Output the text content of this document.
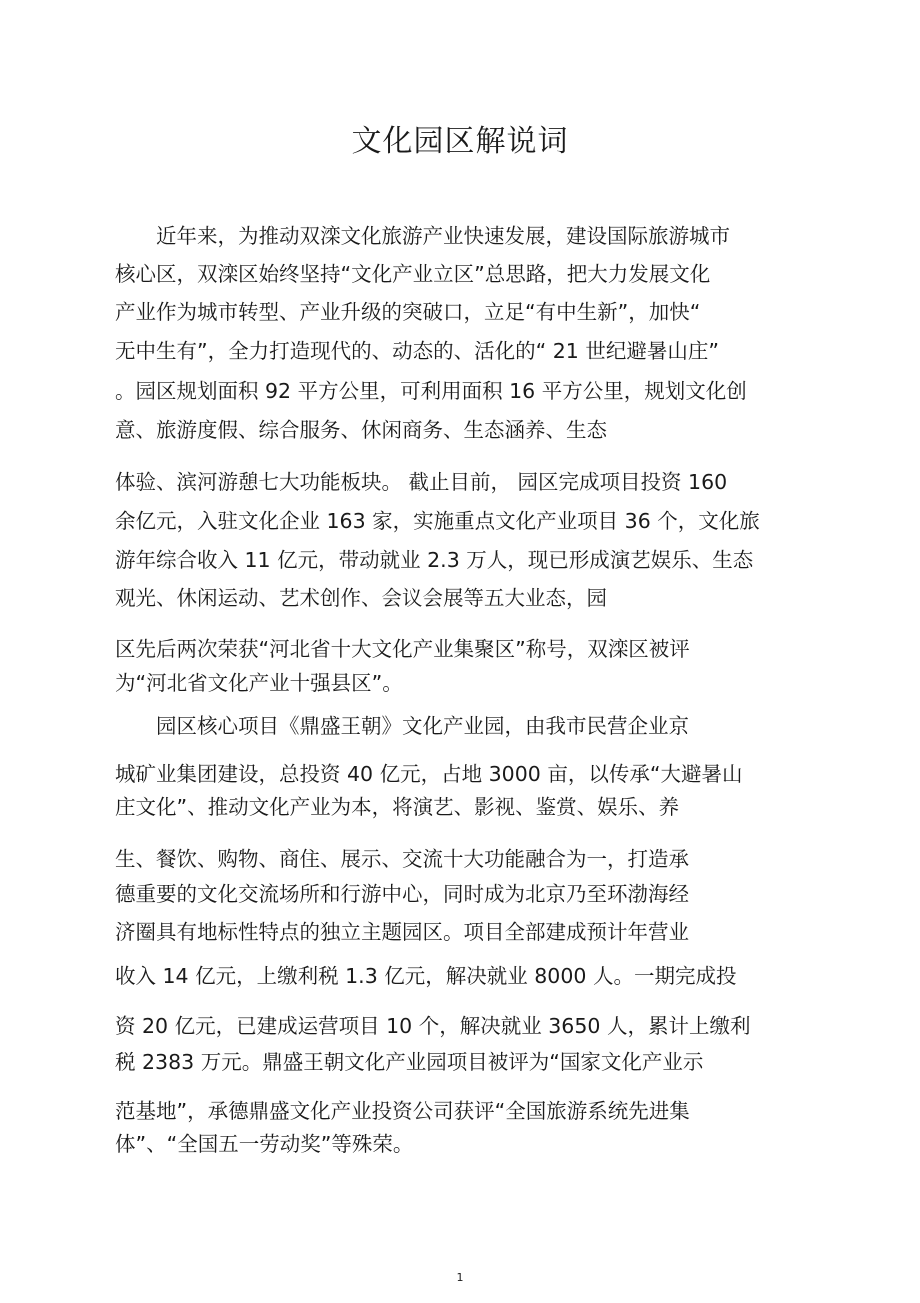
文化园区解说词
　　近年来，为推动双滦文化旅游产业快速发展，建设国际旅游城市
核心区，双滦区始终坚持“文化产业立区”总思路，把大力发展文化
产业作为城市转型、产业升级的突破口，立足“有中生新”，加快“
无中生有”，全力打造现代的、动态的、活化的“ 21 世纪避暑山庄”
。园区规划面积 92 平方公里，可利用面积 16 平方公里，规划文化创
意、旅游度假、综合服务、休闲商务、生态涵养、生态
体验、滨河游憩七大功能板块。 截止目前， 园区完成项目投资 160
余亿元，入驻文化企业 163 家，实施重点文化产业项目 36 个，文化旅
游年综合收入 11 亿元，带动就业 2.3 万人，现已形成演艺娱乐、生态
观光、休闲运动、艺术创作、会议会展等五大业态，园
区先后两次荣获“河北省十大文化产业集聚区”称号，双滦区被评
为“河北省文化产业十强县区”。
　　园区核心项目《鼎盛王朝》文化产业园，由我市民营企业京
城矿业集团建设，总投资 40 亿元，占地 3000 亩，以传承“大避暑山
庄文化”、推动文化产业为本，将演艺、影视、鉴赏、娱乐、养
生、餐饮、购物、商住、展示、交流十大功能融合为一，打造承
德重要的文化交流场所和行游中心，同时成为北京乃至环渤海经
济圈具有地标性特点的独立主题园区。项目全部建成预计年营业
收入 14 亿元，上缴利税 1.3 亿元，解决就业 8000 人。一期完成投
资 20 亿元，已建成运营项目 10 个，解决就业 3650 人，累计上缴利
税 2383 万元。鼎盛王朝文化产业园项目被评为“国家文化产业示
范基地”，承德鼎盛文化产业投资公司获评“全国旅游系统先进集
体”、“全国五一劳动奖”等殊荣。
1
